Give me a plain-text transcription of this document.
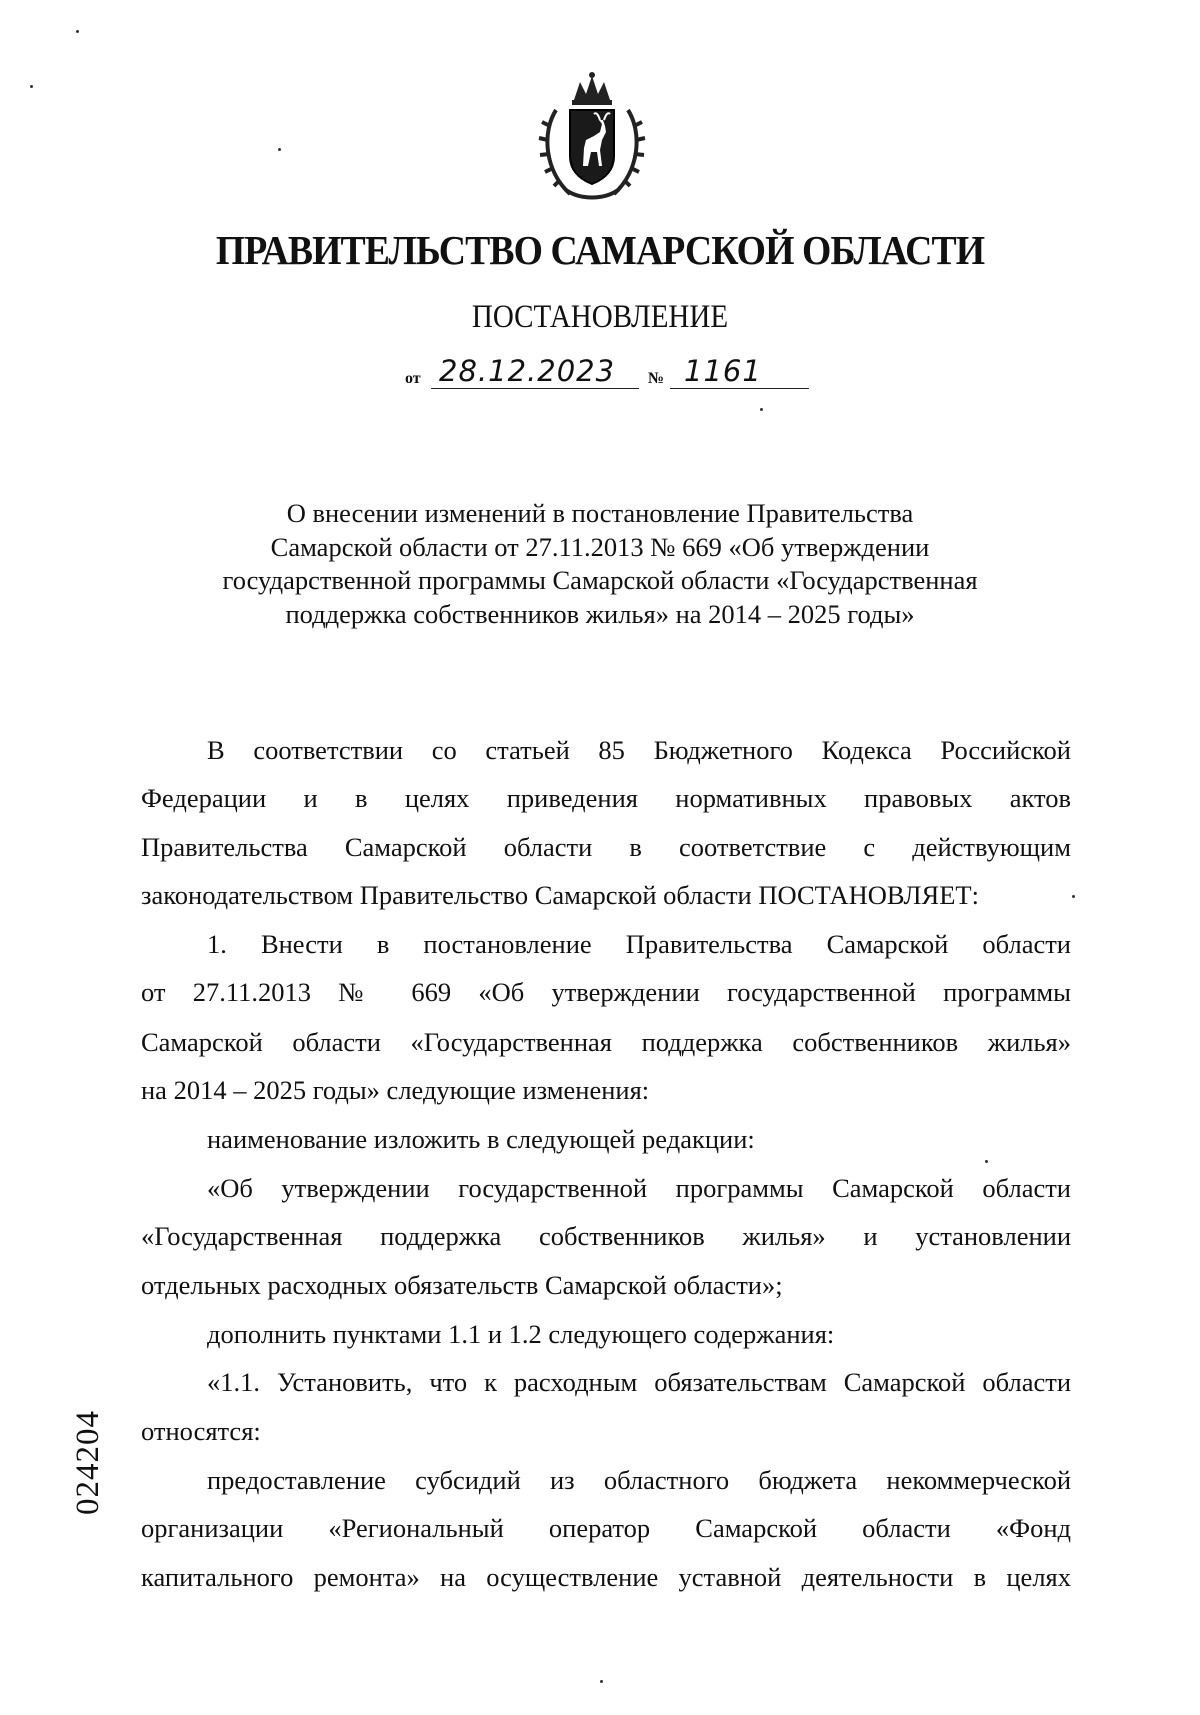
ПРАВИТЕЛЬСТВО САМАРСКОЙ ОБЛАСТИ
ПОСТАНОВЛЕНИЕ
от 28.12.2023	№ 1161
О внесении изменений в постановление Правительства
Самарской области от 27.11.2013 № 669 «Об утверждении
государственной программы Самарской области «Государственная
поддержка собственников жилья» на 2014 – 2025 годы»
В соответствии со статьей 85 Бюджетного Кодекса Российской
Федерации и в целях приведения нормативных правовых актов
Правительства Самарской области в соответствие с действующим
законодательством Правительство Самарской области ПОСТАНОВЛЯЕТ:
1. Внести в постановление Правительства Самарской области
от 27.11.2013 № 669 «Об утверждении государственной программы
Самарской области «Государственная поддержка собственников жилья»
на 2014 – 2025 годы» следующие изменения:
наименование изложить в следующей редакции:
«Об утверждении государственной программы Самарской области
«Государственная поддержка собственников жилья» и установлении
отдельных расходных обязательств Самарской области»;
дополнить пунктами 1.1 и 1.2 следующего содержания:
«1.1. Установить, что к расходным обязательствам Самарской области
относятся:
предоставление субсидий из областного бюджета некоммерческой
организации «Региональный оператор Самарской области «Фонд
капитального ремонта» на осуществление уставной деятельности в целях
024204
